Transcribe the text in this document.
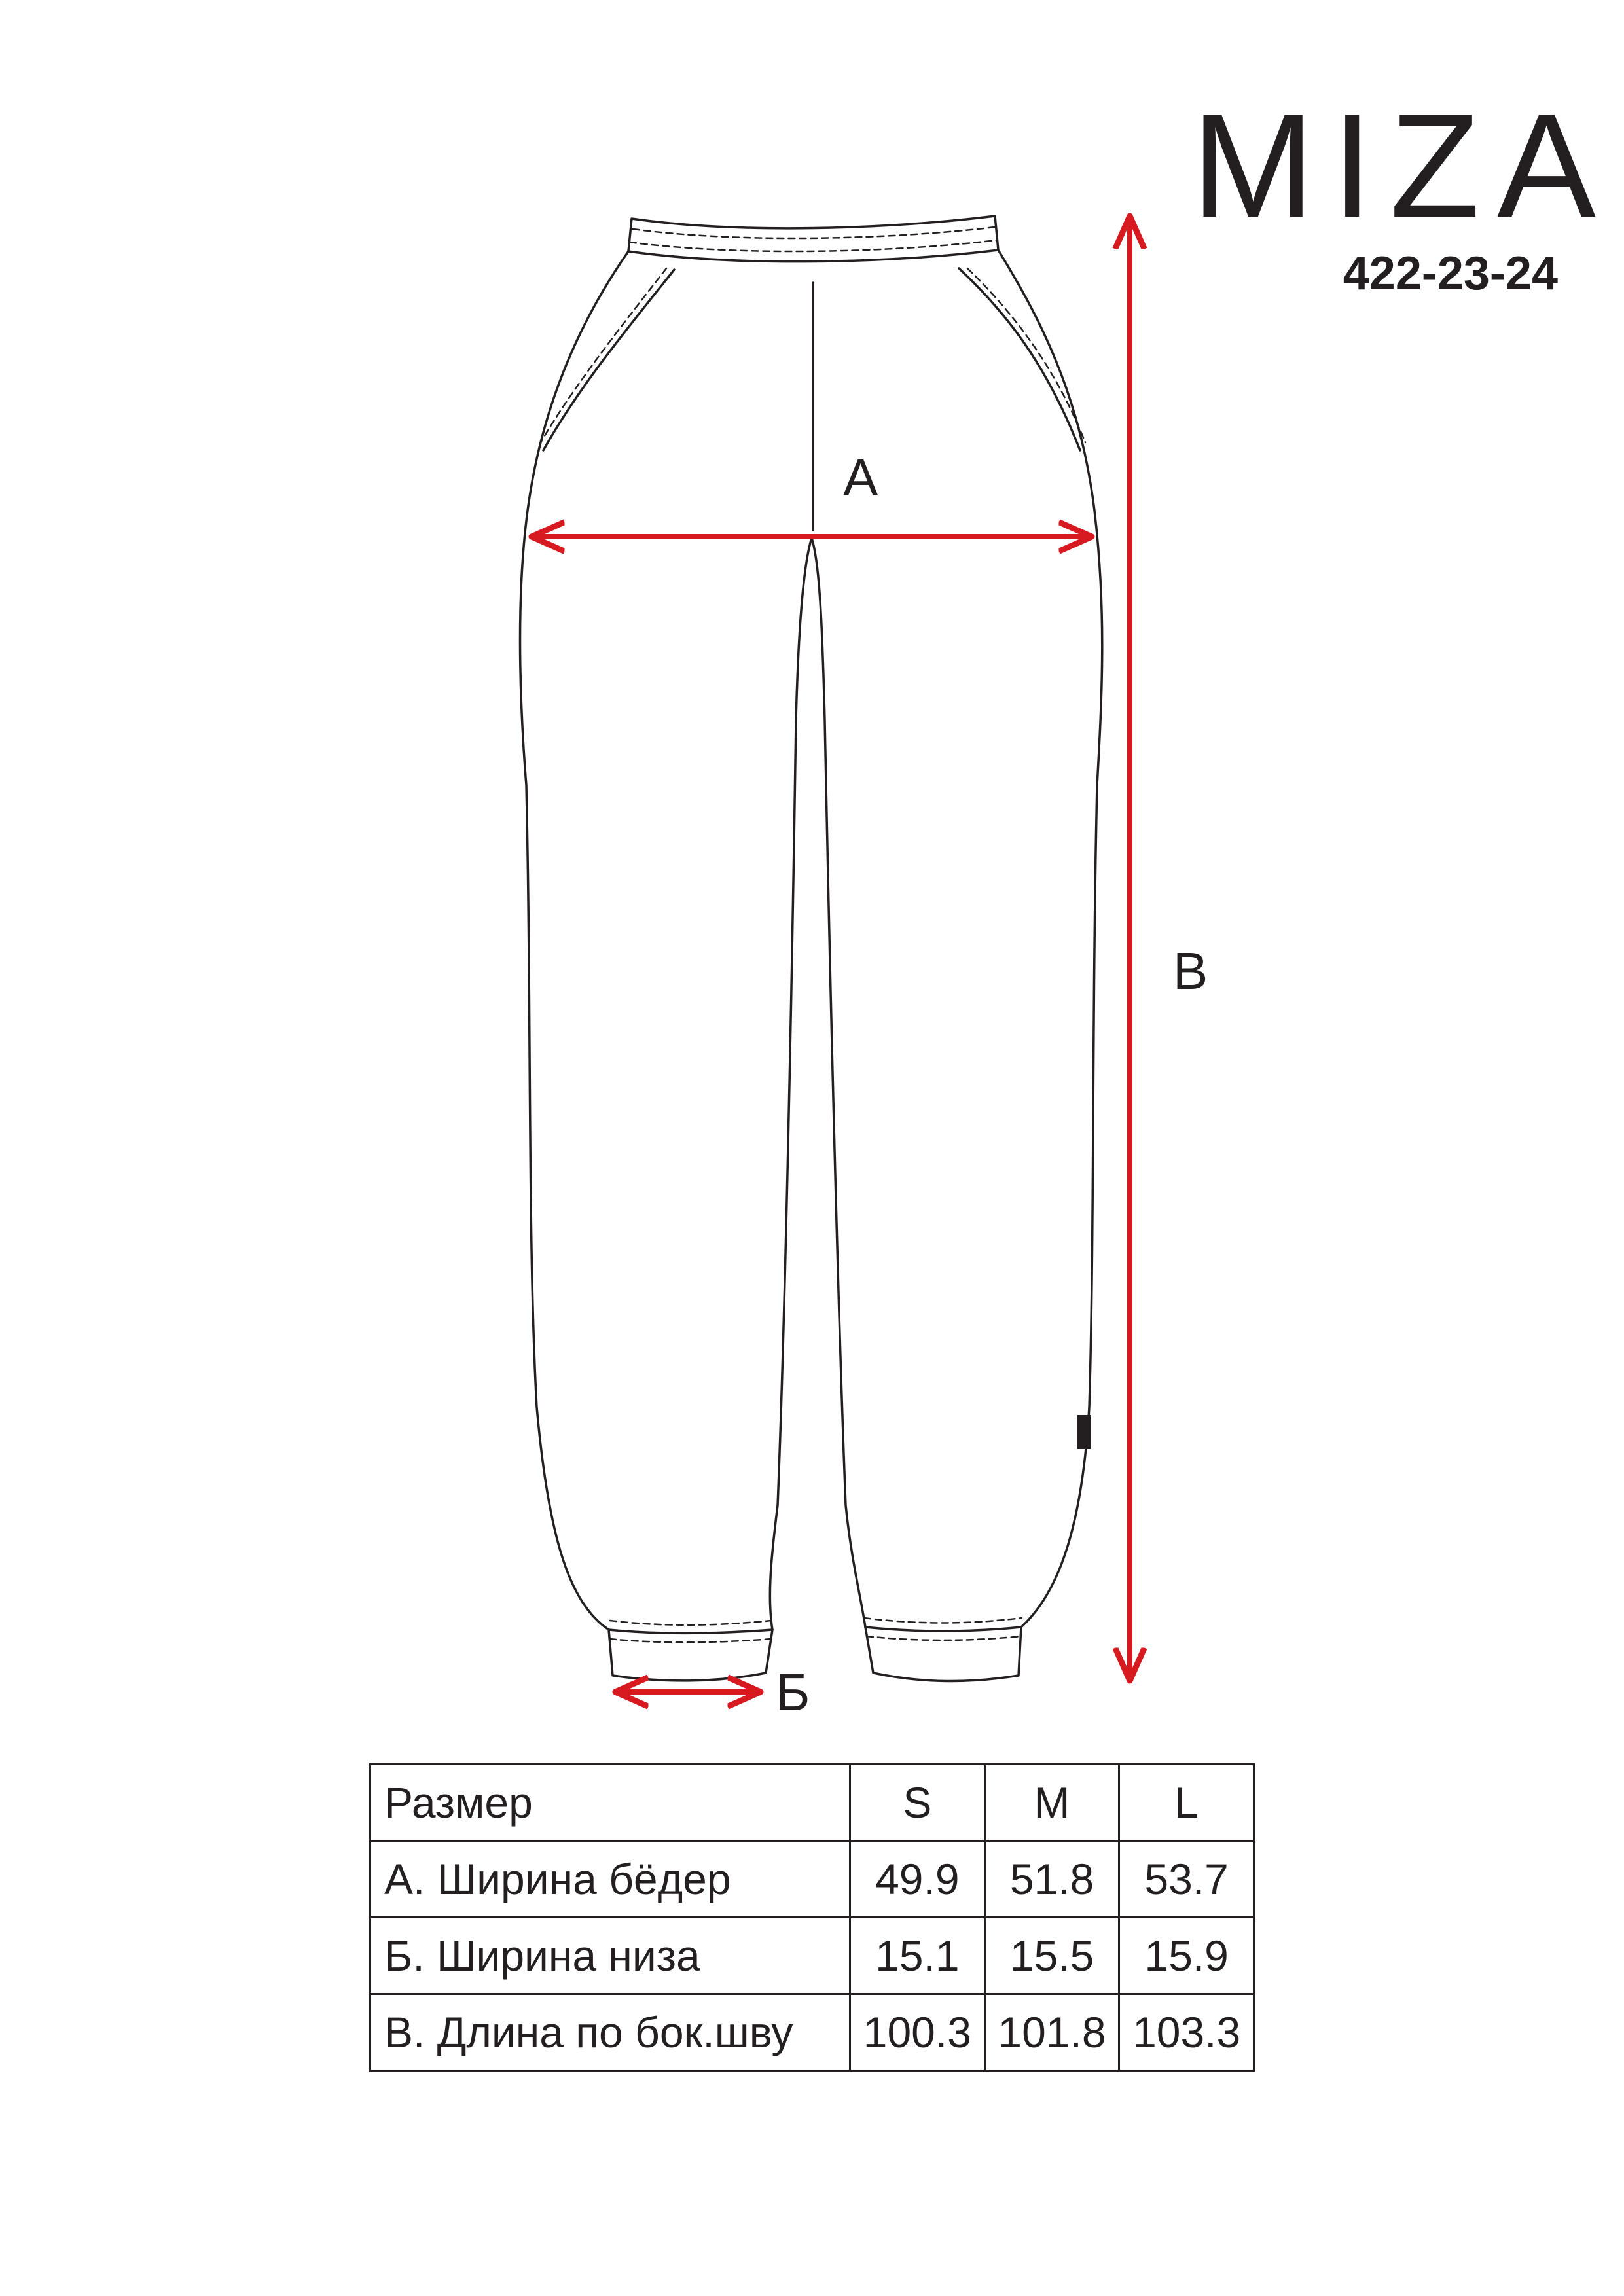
MIZA
422-23-24
А
В
Б
Размер	S	M	L
А. Ширина бёдер	49.9	51.8	53.7
Б. Ширина низа	15.1	15.5	15.9
В. Длина по бок.шву	100.3	101.8	103.3
